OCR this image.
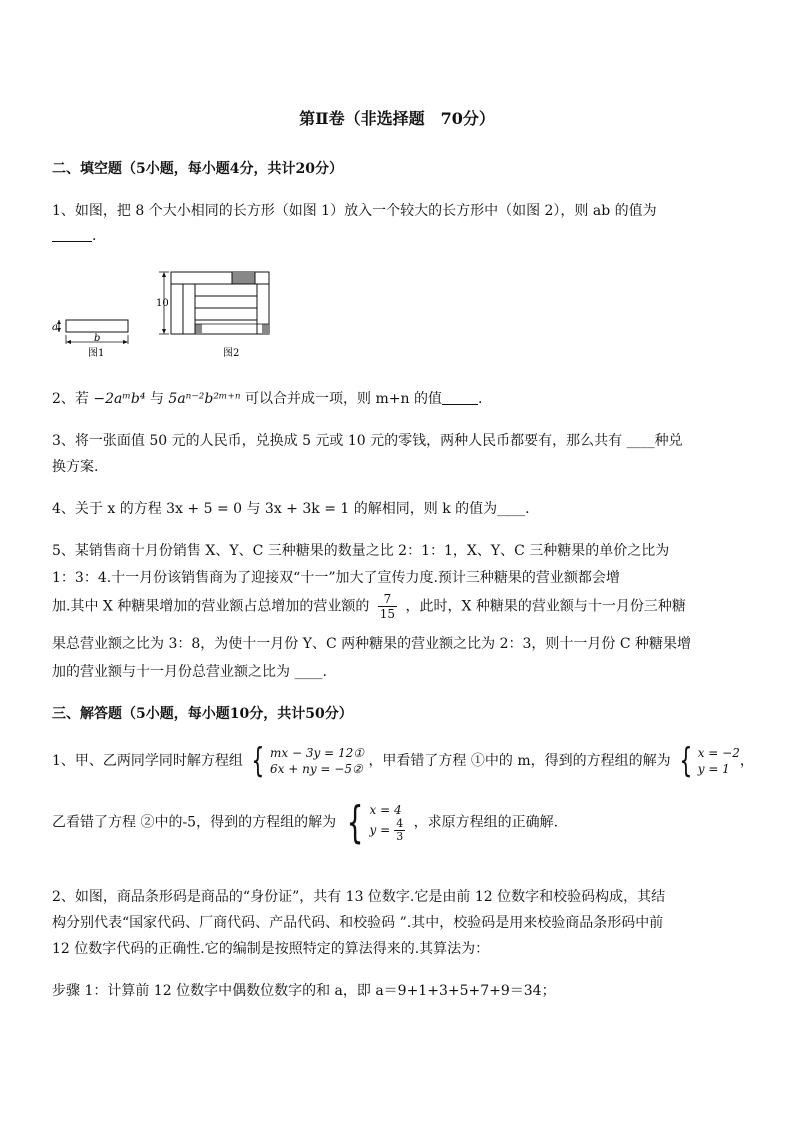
第Ⅱ卷（非选择题　70分）
二、填空题（5小题，每小题4分，共计20分）
1、如图，把 8 个大小相同的长方形（如图 1）放入一个较大的长方形中（如图 2），则 ab 的值为
.
a
b
图1
10
图2
2、若 −2aᵐb⁴ 与 5aⁿ⁻²b²ᵐ⁺ⁿ 可以合并成一项，则 m+n 的值	.
3、将一张面值 50 元的人民币，兑换成 5 元或 10 元的零钱，两种人民币都要有，那么共有 ____种兑
换方案.
4、关于 x 的方程 3x + 5 = 0 与 3x + 3k = 1 的解相同，则 k 的值为____.
5、某销售商十月份销售 X、Y、C 三种糖果的数量之比 2：1：1，X、Y、C 三种糖果的单价之比为
1：3：4.十一月份该销售商为了迎接双“十一”加大了宣传力度.预计三种糖果的营业额都会增
加.其中 X 种糖果增加的营业额占总增加的营业额的 $\frac{7}{15}$ ，此时，X 种糖果的营业额与十一月份三种糖
果总营业额之比为 3：8，为使十一月份 Y、C 两种糖果的营业额之比为 2：3，则十一月份 C 种糖果增
加的营业额与十一月份总营业额之比为 ____.
三、解答题（5小题，每小题10分，共计50分）
1、甲、乙两同学同时解方程组 { mx − 3y = 12①
6x + ny = −5② ，甲看错了方程 ①中的 m，得到的方程组的解为 { x = −2
y = 1 ，
乙看错了方程 ②中的-5，得到的方程组的解为 { x = 4
$y = \frac{4}{3}$ ，求原方程组的正确解.
2、如图，商品条形码是商品的“身份证”，共有 13 位数字.它是由前 12 位数字和校验码构成，其结
构分别代表“国家代码、厂商代码、产品代码、和校验码 ”.其中，校验码是用来校验商品条形码中前
12 位数字代码的正确性.它的编制是按照特定的算法得来的.其算法为：
步骤 1：计算前 12 位数字中偶数位数字的和 a，即 a＝9+1+3+5+7+9＝34；
